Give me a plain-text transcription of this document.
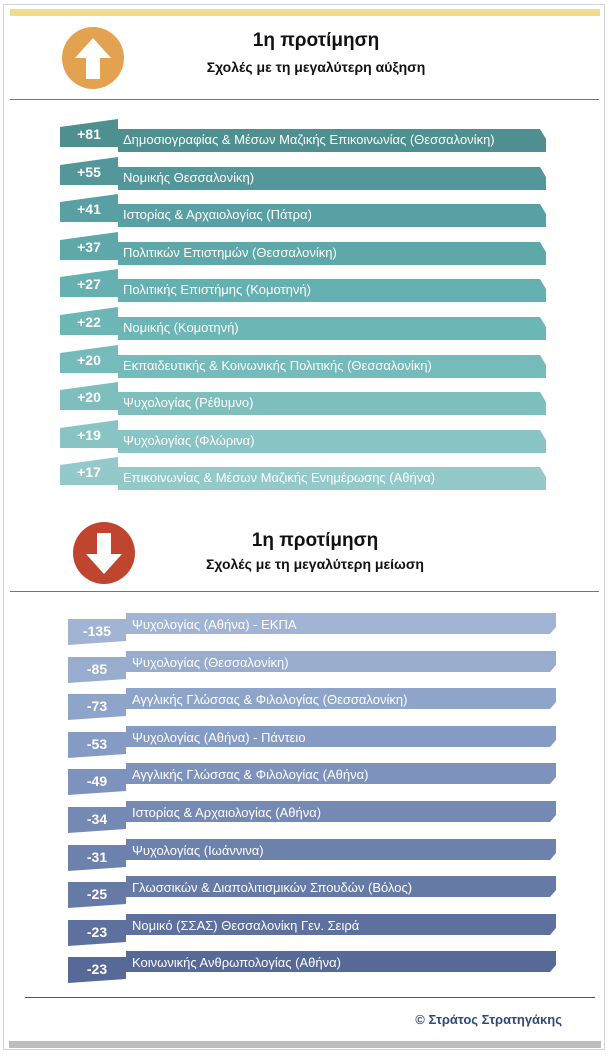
1η προτίμηση
Σχολές με τη μεγαλύτερη αύξηση
+81	Δημοσιογραφίας & Μέσων Μαζικής Επικοινωνίας (Θεσσαλονίκη)
+55	Νομικής Θεσσαλονίκη)
+41	Ιστορίας & Αρχαιολογίας (Πάτρα)
+37	Πολιτικών Επιστημών (Θεσσαλονίκη)
+27	Πολιτικής Επιστήμης (Κομοτηνή)
+22	Νομικής (Κομοτηνή)
+20	Εκπαιδευτικής & Κοινωνικής Πολιτικής (Θεσσαλονίκη)
+20	Ψυχολογίας (Ρέθυμνο)
+19	Ψυχολογίας (Φλώρινα)
+17	Επικοινωνίας & Μέσων Μαζικής Ενημέρωσης (Αθήνα)
1η προτίμηση
Σχολές με τη μεγαλύτερη μείωση
-135	Ψυχολογίας (Αθήνα) - ΕΚΠΑ
-85	Ψυχολογίας (Θεσσαλονίκη)
-73	Αγγλικής Γλώσσας & Φιλολογίας (Θεσσαλονίκη)
-53	Ψυχολογίας (Αθήνα) - Πάντειο
-49	Αγγλικής Γλώσσας & Φιλολογίας (Αθήνα)
-34	Ιστορίας & Αρχαιολογίας (Αθήνα)
-31	Ψυχολογίας (Ιωάννινα)
-25	Γλωσσικών & Διαπολιτισμικών Σπουδών (Βόλος)
-23	Νομικό (ΣΣΑΣ) Θεσσαλονίκη Γεν. Σειρά
-23	Κοινωνικής Ανθρωπολογίας (Αθήνα)
© Στράτος Στρατηγάκης
